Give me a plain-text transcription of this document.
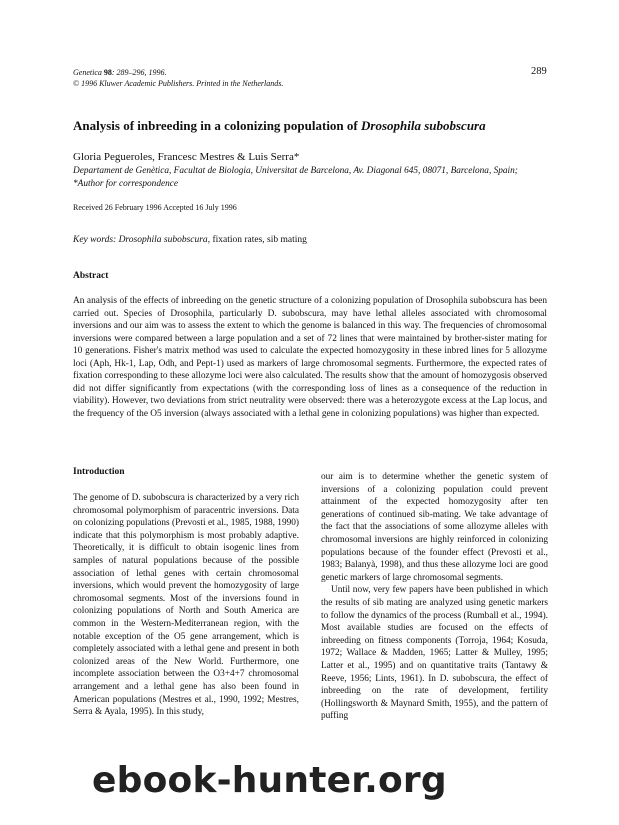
Genetica 98: 289–296, 1996.
© 1996 Kluwer Academic Publishers. Printed in the Netherlands.
289
Analysis of inbreeding in a colonizing population of Drosophila subobscura
Gloria Pegueroles, Francesc Mestres & Luis Serra*
Departament de Genètica, Facultat de Biologia, Universitat de Barcelona, Av. Diagonal 645, 08071, Barcelona, Spain; *Author for correspondence
Received 26 February 1996 Accepted 16 July 1996
Key words: Drosophila subobscura, fixation rates, sib mating
Abstract

An analysis of the effects of inbreeding on the genetic structure of a colonizing population of Drosophila subobscura has been carried out. Species of Drosophila, particularly D. subobscura, may have lethal alleles associated with chromosomal inversions and our aim was to assess the extent to which the genome is balanced in this way. The frequencies of chromosomal inversions were compared between a large population and a set of 72 lines that were maintained by brother-sister mating for 10 generations. Fisher's matrix method was used to calculate the expected homozygosity in these inbred lines for 5 allozyme loci (Aph, Hk-1, Lap, Odh, and Pept-1) used as markers of large chromosomal segments. Furthermore, the expected rates of fixation corresponding to these allozyme loci were also calculated. The results show that the amount of homozygosis observed did not differ significantly from expectations (with the corresponding loss of lines as a consequence of the reduction in viability). However, two deviations from strict neutrality were observed: there was a heterozygote excess at the Lap locus, and the frequency of the O5 inversion (always associated with a lethal gene in colonizing populations) was higher than expected.

Introduction

The genome of D. subobscura is characterized by a very rich chromosomal polymorphism of paracentric inversions. Data on colonizing populations (Prevosti et al., 1985, 1988, 1990) indicate that this polymorphism is most probably adaptive. Theoretically, it is difficult to obtain isogenic lines from samples of natural populations because of the possible association of lethal genes with certain chromosomal inversions, which would prevent the homozygosity of large chromosomal segments. Most of the inversions found in colonizing populations of North and South America are common in the Western-Mediterranean region, with the notable exception of the O5 gene arrangement, which is completely associated with a lethal gene and present in both colonized areas of the New World. Furthermore, one incomplete association between the O3+4+7 chromosomal arrangement and a lethal gene has also been found in American populations (Mestres et al., 1990, 1992; Mestres, Serra & Ayala, 1995). In this study,

our aim is to determine whether the genetic system of inversions of a colonizing population could prevent attainment of the expected homozygosity after ten generations of continued sib-mating. We take advantage of the fact that the associations of some allozyme alleles with chromosomal inversions are highly reinforced in colonizing populations because of the founder effect (Prevosti et al., 1983; Balanyà, 1998), and thus these allozyme loci are good genetic markers of large chromosomal segments.

Until now, very few papers have been published in which the results of sib mating are analyzed using genetic markers to follow the dynamics of the process (Rumball et al., 1994). Most available studies are focused on the effects of inbreeding on fitness components (Torroja, 1964; Kosuda, 1972; Wallace & Madden, 1965; Latter & Mulley, 1995; Latter et al., 1995) and on quantitative traits (Tantawy & Reeve, 1956; Lints, 1961). In D. subobscura, the effect of inbreeding on the rate of development, fertility (Hollingsworth & Maynard Smith, 1955), and the pattern of puffing

ebook-hunter.org
